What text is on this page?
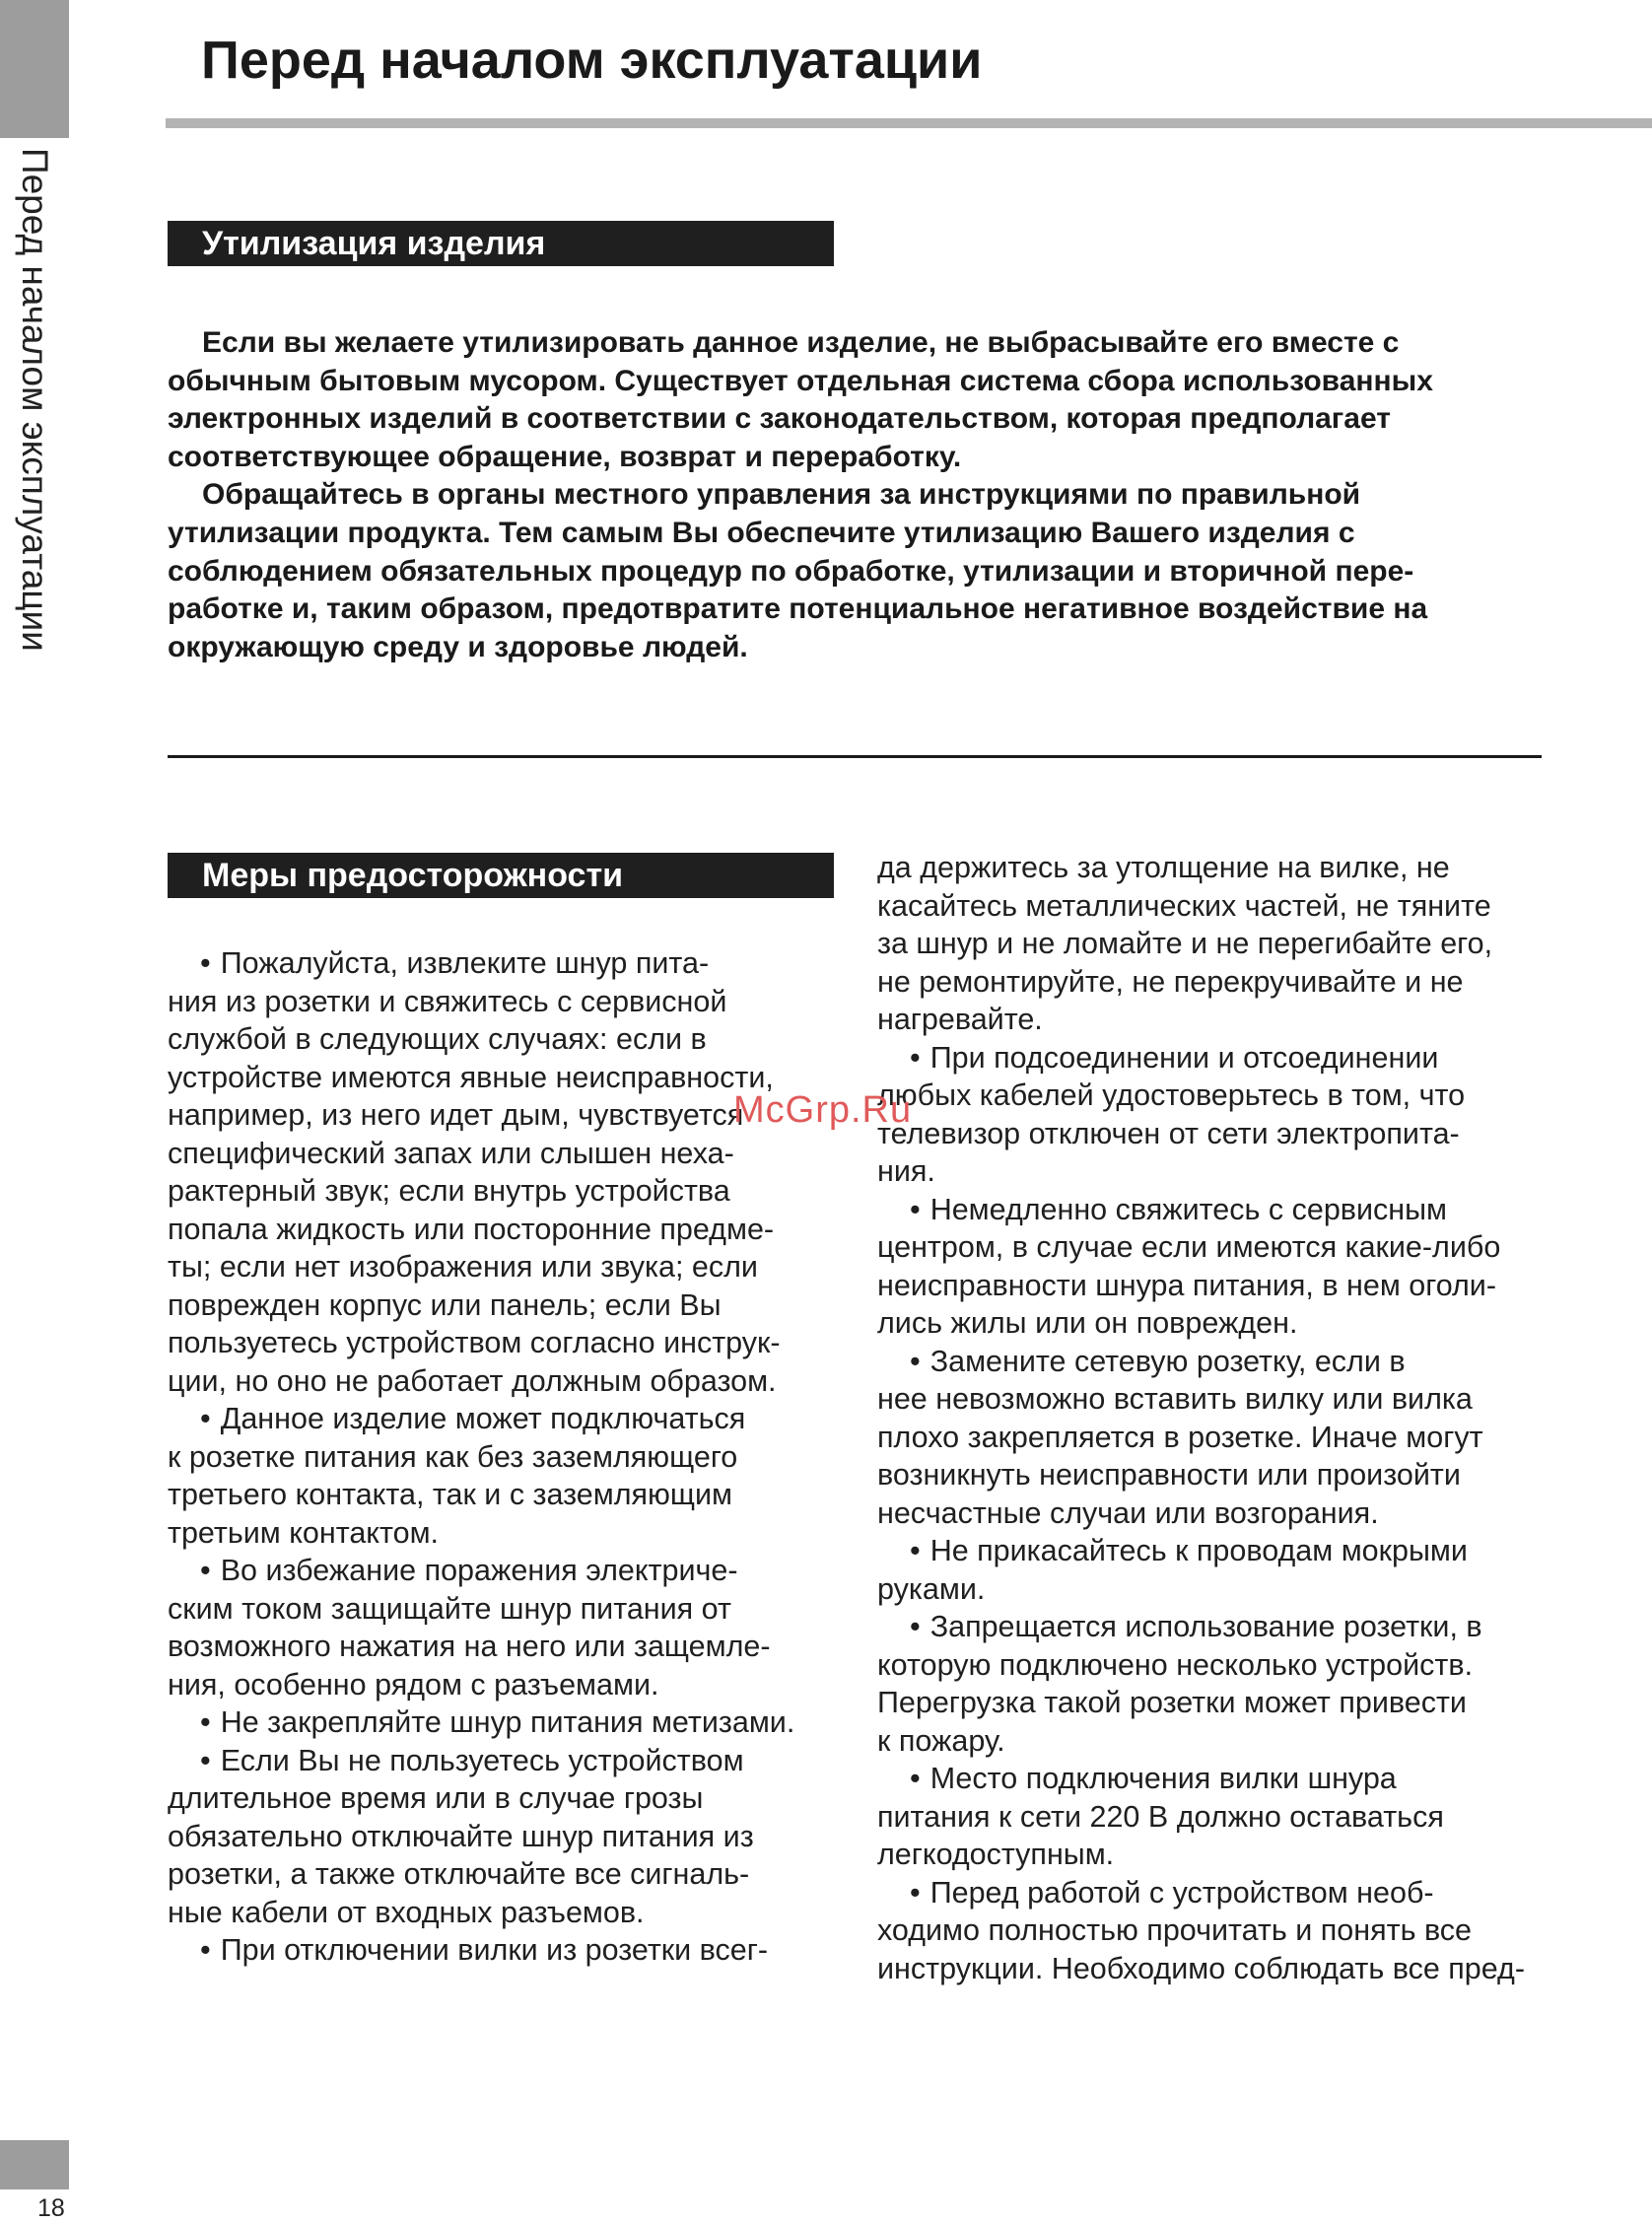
Перед началом эксплуатации
18
Перед началом эксплуатации
Утилизация изделия

Если вы желаете утилизировать данное изделие, не выбрасывайте его вместе с

обычным бытовым мусором. Существует отдельная система сбора использованных

электронных изделий в соответствии с законодательством, которая предполагает

соответствующее обращение, возврат и переработку.

Обращайтесь в органы местного управления за инструкциями по правильной

утилизации продукта. Тем самым Вы обеспечите утилизацию Вашего изделия с

соблюдением обязательных процедур по обработке, утилизации и вторичной пере-

работке и, таким образом, предотвратите потенциальное негативное воздействие на

окружающую среду и здоровье людей.

Меры предосторожности

• Пожалуйста, извлеките шнур пита-

ния из розетки и свяжитесь с сервисной

службой в следующих случаях: если в

устройстве имеются явные неисправности,

например, из него идет дым, чувствуется

специфический запах или слышен неха-

рактерный звук; если внутрь устройства

попала жидкость или посторонние предме-

ты; если нет изображения или звука; если

поврежден корпус или панель; если Вы

пользуетесь устройством согласно инструк-

ции, но оно не работает должным образом.

• Данное изделие может подключаться

к розетке питания как без заземляющего

третьего контакта, так и с заземляющим

третьим контактом.

• Во избежание поражения электриче-

ским током защищайте шнур питания от

возможного нажатия на него или защемле-

ния, особенно рядом с разъемами.

• Не закрепляйте шнур питания метизами.

• Если Вы не пользуетесь устройством

длительное время или в случае грозы

обязательно отключайте шнур питания из

розетки, а также отключайте все сигналь-

ные кабели от входных разъемов.

• При отключении вилки из розетки всег-

да держитесь за утолщение на вилке, не

касайтесь металлических частей, не тяните

за шнур и не ломайте и не перегибайте его,

не ремонтируйте, не перекручивайте и не

нагревайте.

• При подсоединении и отсоединении

любых кабелей удостоверьтесь в том, что

телевизор отключен от сети электропита-

ния.

• Немедленно свяжитесь с сервисным

центром, в случае если имеются какие-либо

неисправности шнура питания, в нем оголи-

лись жилы или он поврежден.

• Замените сетевую розетку, если в

нее невозможно вставить вилку или вилка

плохо закрепляется в розетке. Иначе могут

возникнуть неисправности или произойти

несчастные случаи или возгорания.

• Не прикасайтесь к проводам мокрыми

руками.

• Запрещается использование розетки, в

которую подключено несколько устройств.

Перегрузка такой розетки может привести

к пожару.

• Место подключения вилки шнура

питания к сети 220 В должно оставаться

легкодоступным.

• Перед работой с устройством необ-

ходимо полностью прочитать и понять все

инструкции. Необходимо соблюдать все пред-

McGrp.Ru
